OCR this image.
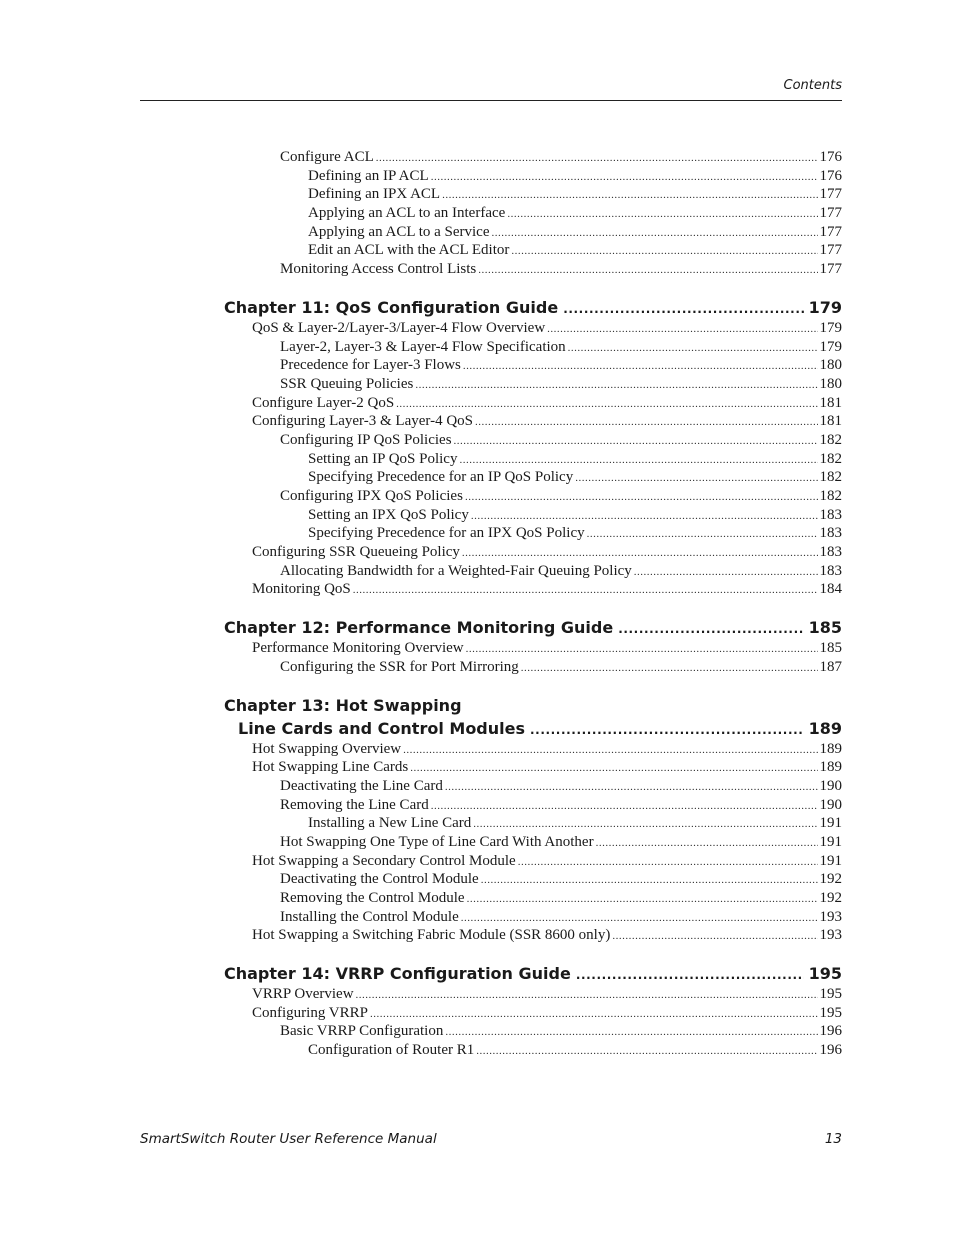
Contents
Configure ACL .....	176
Defining an IP ACL .....	176
Defining an IPX ACL .....	177
Applying an ACL to an Interface .....	177
Applying an ACL to a Service .....	177
Edit an ACL with the ACL Editor .....	177
Monitoring Access Control Lists .....	177
Chapter 11: QoS Configuration Guide .....	179
QoS & Layer-2/Layer-3/Layer-4 Flow Overview .....	179
Layer-2, Layer-3 & Layer-4 Flow Specification .....	179
Precedence for Layer-3 Flows .....	180
SSR Queuing Policies .....	180
Configure Layer-2 QoS .....	181
Configuring Layer-3 & Layer-4 QoS .....	181
Configuring IP QoS Policies .....	182
Setting an IP QoS Policy .....	182
Specifying Precedence for an IP QoS Policy .....	182
Configuring IPX QoS Policies .....	182
Setting an IPX QoS Policy .....	183
Specifying Precedence for an IPX QoS Policy .....	183
Configuring SSR Queueing Policy .....	183
Allocating Bandwidth for a Weighted-Fair Queuing Policy .....	183
Monitoring QoS .....	184
Chapter 12: Performance Monitoring Guide .....	185
Performance Monitoring Overview .....	185
Configuring the SSR for Port Mirroring .....	187
Chapter 13: Hot Swapping
Line Cards and Control Modules .....	189
Hot Swapping Overview .....	189
Hot Swapping Line Cards .....	189
Deactivating the Line Card .....	190
Removing the Line Card .....	190
Installing a New Line Card .....	191
Hot Swapping One Type of Line Card With Another .....	191
Hot Swapping a Secondary Control Module .....	191
Deactivating the Control Module .....	192
Removing the Control Module .....	192
Installing the Control Module .....	193
Hot Swapping a Switching Fabric Module (SSR 8600 only) .....	193
Chapter 14: VRRP Configuration Guide .....	195
VRRP Overview .....	195
Configuring VRRP .....	195
Basic VRRP Configuration .....	196
Configuration of Router R1 .....	196
SmartSwitch Router User Reference Manual	13
